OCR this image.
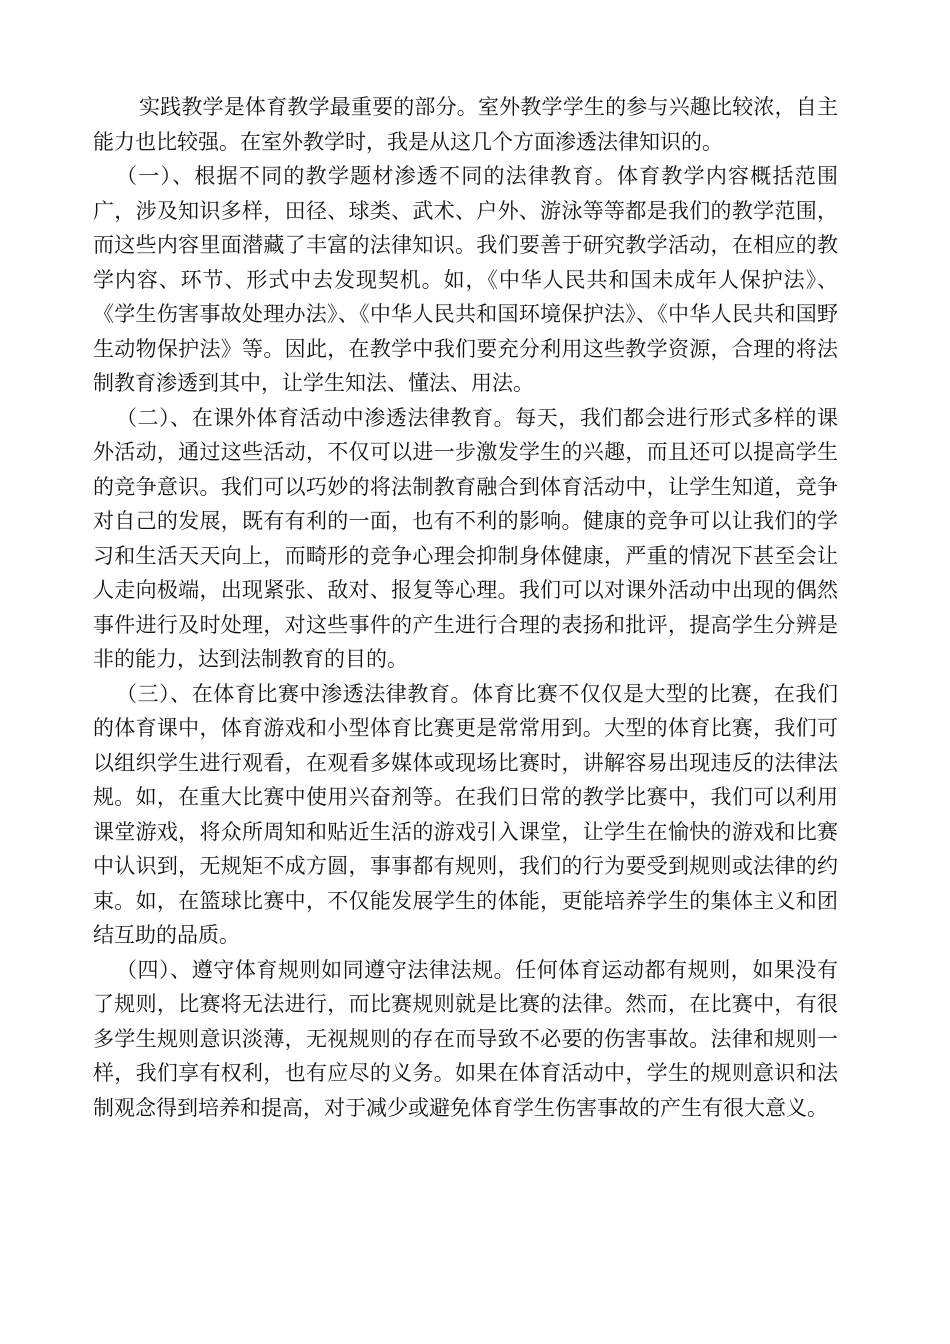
实践教学是体育教学最重要的部分。室外教学学生的参与兴趣比较浓，自主能力也比较强。在室外教学时，我是从这几个方面渗透法律知识的。

（一）、根据不同的教学题材渗透不同的法律教育。体育教学内容概括范围广，涉及知识多样，田径、球类、武术、户外、游泳等等都是我们的教学范围，而这些内容里面潜藏了丰富的法律知识。我们要善于研究教学活动，在相应的教学内容、环节、形式中去发现契机。如，《中华人民共和国未成年人保护法》、《学生伤害事故处理办法》、《中华人民共和国环境保护法》、《中华人民共和国野生动物保护法》等。因此，在教学中我们要充分利用这些教学资源，合理的将法制教育渗透到其中，让学生知法、懂法、用法。

（二）、在课外体育活动中渗透法律教育。每天，我们都会进行形式多样的课外活动，通过这些活动，不仅可以进一步激发学生的兴趣，而且还可以提高学生的竞争意识。我们可以巧妙的将法制教育融合到体育活动中，让学生知道，竞争对自己的发展，既有有利的一面，也有不利的影响。健康的竞争可以让我们的学习和生活天天向上，而畸形的竞争心理会抑制身体健康，严重的情况下甚至会让人走向极端，出现紧张、敌对、报复等心理。我们可以对课外活动中出现的偶然事件进行及时处理，对这些事件的产生进行合理的表扬和批评，提高学生分辨是非的能力，达到法制教育的目的。

（三）、在体育比赛中渗透法律教育。体育比赛不仅仅是大型的比赛，在我们的体育课中，体育游戏和小型体育比赛更是常常用到。大型的体育比赛，我们可以组织学生进行观看，在观看多媒体或现场比赛时，讲解容易出现违反的法律法规。如，在重大比赛中使用兴奋剂等。在我们日常的教学比赛中，我们可以利用课堂游戏，将众所周知和贴近生活的游戏引入课堂，让学生在愉快的游戏和比赛中认识到，无规矩不成方圆，事事都有规则，我们的行为要受到规则或法律的约束。如，在篮球比赛中，不仅能发展学生的体能，更能培养学生的集体主义和团结互助的品质。

（四）、遵守体育规则如同遵守法律法规。任何体育运动都有规则，如果没有了规则，比赛将无法进行，而比赛规则就是比赛的法律。然而，在比赛中，有很多学生规则意识淡薄，无视规则的存在而导致不必要的伤害事故。法律和规则一样，我们享有权利，也有应尽的义务。如果在体育活动中，学生的规则意识和法制观念得到培养和提高，对于减少或避免体育学生伤害事故的产生有很大意义。
